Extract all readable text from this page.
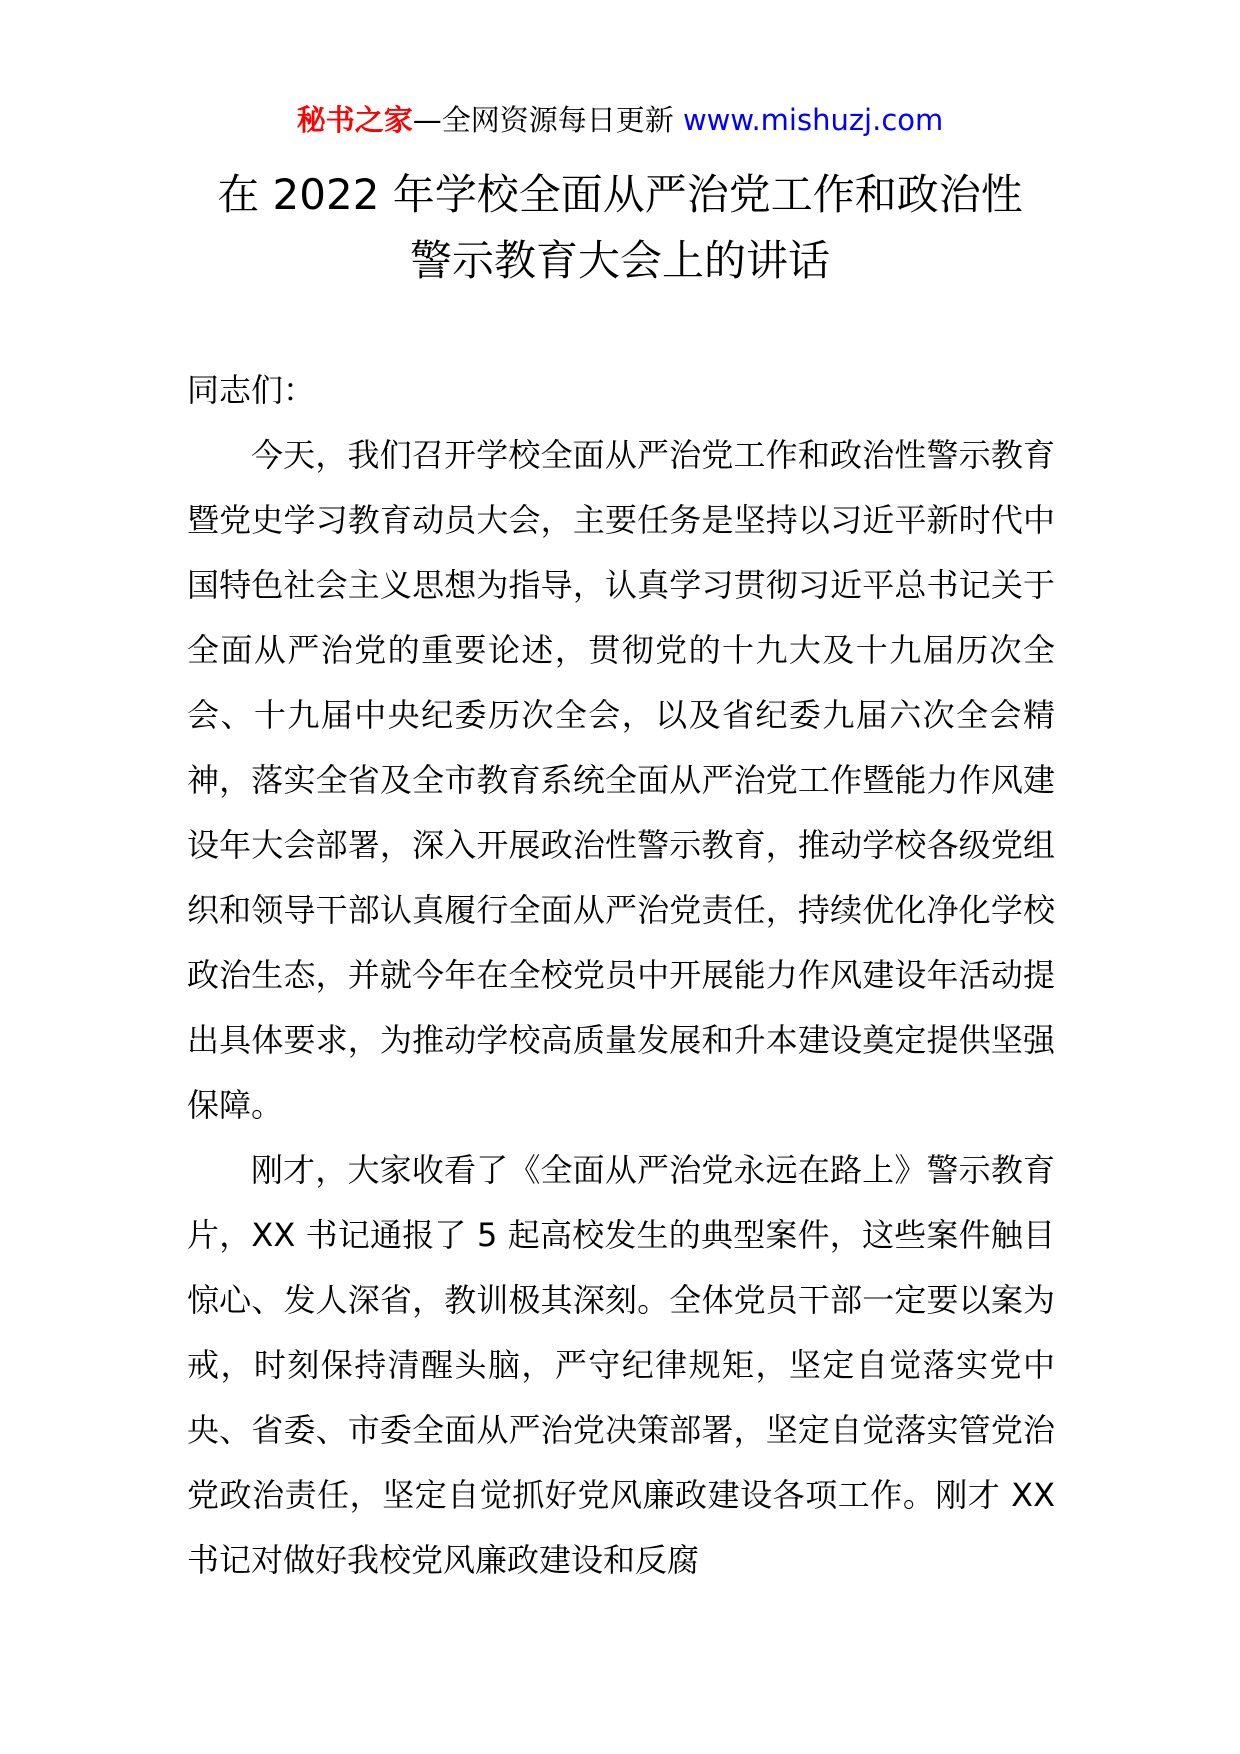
秘书之家—全网资源每日更新 www.mishuzj.com
在 2022 年学校全面从严治党工作和政治性
警示教育大会上的讲话

同志们：

今天，我们召开学校全面从严治党工作和政治性警示教育暨党史学习教育动员大会，主要任务是坚持以习近平新时代中国特色社会主义思想为指导，认真学习贯彻习近平总书记关于全面从严治党的重要论述，贯彻党的十九大及十九届历次全会、十九届中央纪委历次全会，以及省纪委九届六次全会精神，落实全省及全市教育系统全面从严治党工作暨能力作风建设年大会部署，深入开展政治性警示教育，推动学校各级党组织和领导干部认真履行全面从严治党责任，持续优化净化学校政治生态，并就今年在全校党员中开展能力作风建设年活动提出具体要求，为推动学校高质量发展和升本建设奠定提供坚强保障。

刚才，大家收看了《全面从严治党永远在路上》警示教育片，XX 书记通报了 5 起高校发生的典型案件，这些案件触目惊心、发人深省，教训极其深刻。全体党员干部一定要以案为戒，时刻保持清醒头脑，严守纪律规矩，坚定自觉落实党中央、省委、市委全面从严治党决策部署，坚定自觉落实管党治党政治责任，坚定自觉抓好党风廉政建设各项工作。刚才 XX 书记对做好我校党风廉政建设和反腐
